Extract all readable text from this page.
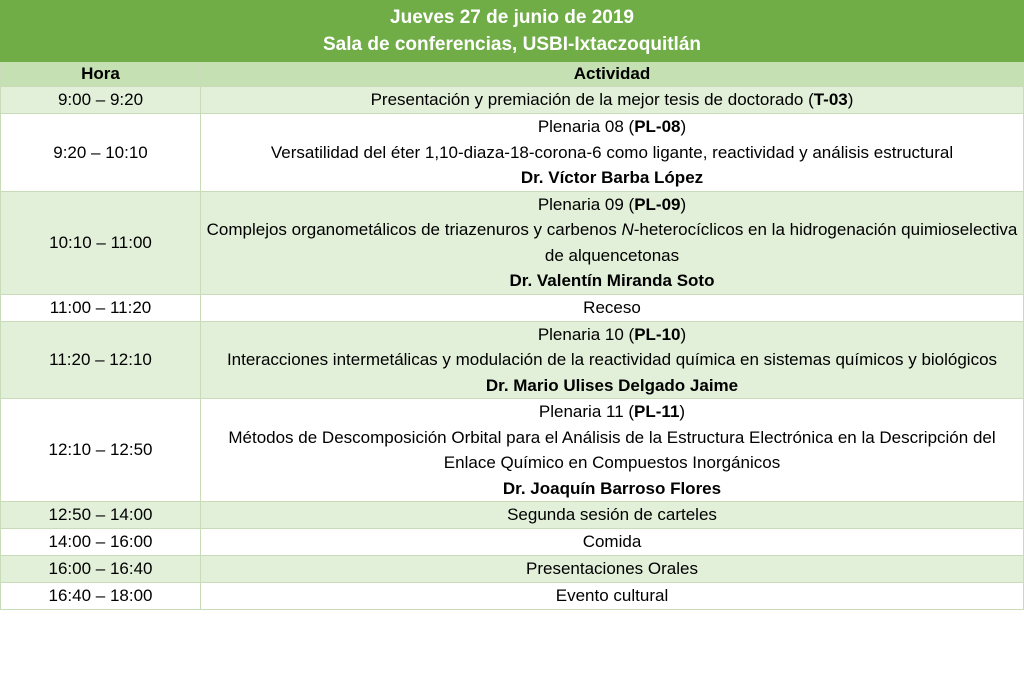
Jueves 27 de junio de 2019
Sala de conferencias, USBI-Ixtaczoquitlán	

Hora	Actividad
9:00 – 9:20	Presentación y premiación de la mejor tesis de doctorado (T-03)
9:20 – 10:10	Plenaria 08 (PL-08)
Versatilidad del éter 1,10-diaza-18-corona-6 como ligante, reactividad y análisis estructural
Dr. Víctor Barba López

10:10 – 11:00	Plenaria 09 (PL-09)
Complejos organometálicos de triazenuros y carbenos N-heterocíclicos en la hidrogenación quimioselectiva de alquencetonas
Dr. Valentín Miranda Soto

11:00 – 11:20	Receso
11:20 – 12:10	Plenaria 10 (PL-10)
Interacciones intermetálicas y modulación de la reactividad química en sistemas químicos y biológicos
Dr. Mario Ulises Delgado Jaime

12:10 – 12:50	Plenaria 11 (PL-11)
Métodos de Descomposición Orbital para el Análisis de la Estructura Electrónica en la Descripción del Enlace Químico en Compuestos Inorgánicos
Dr. Joaquín Barroso Flores

12:50 – 14:00	Segunda sesión de carteles
14:00 – 16:00	Comida
16:00 – 16:40	Presentaciones Orales
16:40 – 18:00	Evento cultural
